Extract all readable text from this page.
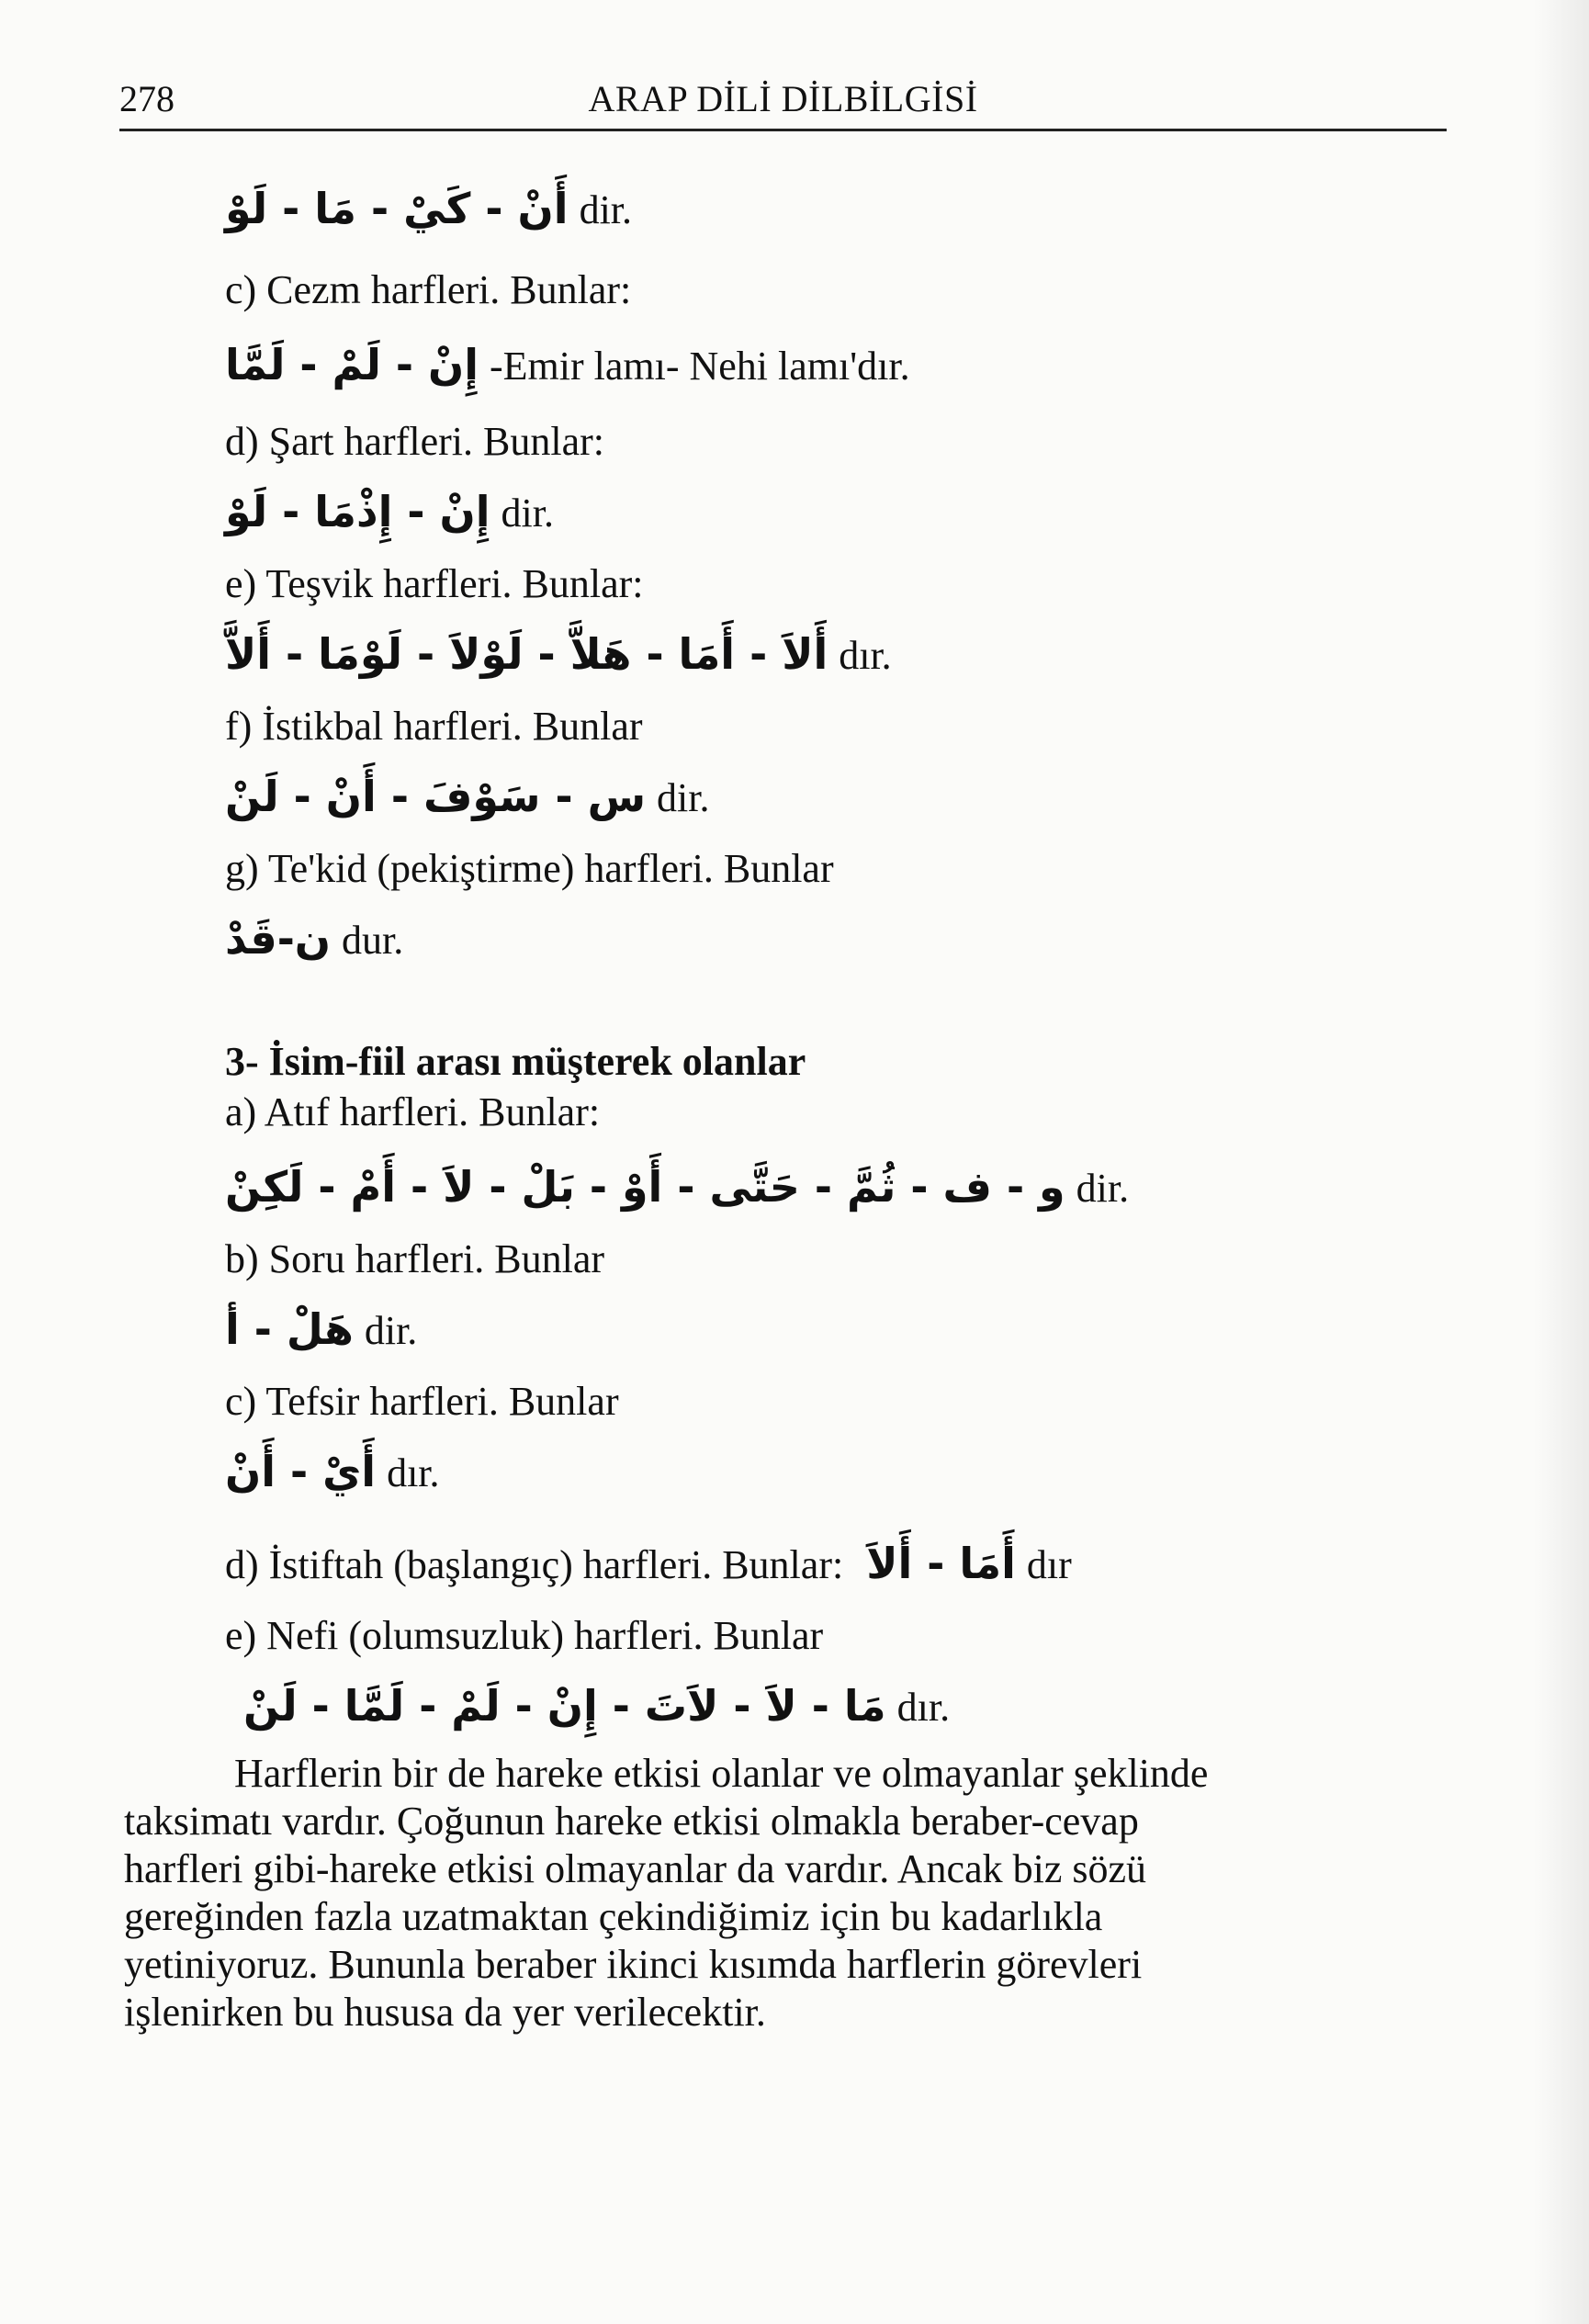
278	ARAP DİLİ DİLBİLGİSİ
أَنْ - كَيْ - مَا - لَوْ dir.
c) Cezm harfleri. Bunlar:
إِنْ - لَمْ - لَمَّا -Emir lamı- Nehi lamı'dır.
d) Şart harfleri. Bunlar:
إِنْ - إِذْمَا - لَوْ dir.
e) Teşvik harfleri. Bunlar:
أَلاَ - أَمَا - هَلاَّ - لَوْلاَ - لَوْمَا - أَلاَّ dır.
f) İstikbal harfleri. Bunlar
س - سَوْفَ - أَنْ - لَنْ dir.
g) Te'kid (pekiştirme) harfleri. Bunlar
ن-قَدْ dur.
3- İsim-fiil arası müşterek olanlar
a) Atıf harfleri. Bunlar:
و - ف - ثُمَّ - حَتَّى - أَوْ - بَلْ - لاَ - أَمْ - لَكِنْ dir.
b) Soru harfleri. Bunlar
هَلْ - أ dir.
c) Tefsir harfleri. Bunlar
أَيْ - أَنْ dır.
d) İstiftah (başlangıç) harfleri. Bunlar: أَمَا - أَلاَ dır
e) Nefi (olumsuzluk) harfleri. Bunlar
مَا - لاَ - لاَتَ - إِنْ - لَمْ - لَمَّا - لَنْ dır.
Harflerin bir de hareke etkisi olanlar ve olmayanlar şeklinde
taksimatı vardır. Çoğunun hareke etkisi olmakla beraber-cevap
harfleri gibi-hareke etkisi olmayanlar da vardır. Ancak biz sözü
gereğinden fazla uzatmaktan çekindiğimiz için bu kadarlıkla
yetiniyoruz. Bununla beraber ikinci kısımda harflerin görevleri
işlenirken bu hususa da yer verilecektir.
